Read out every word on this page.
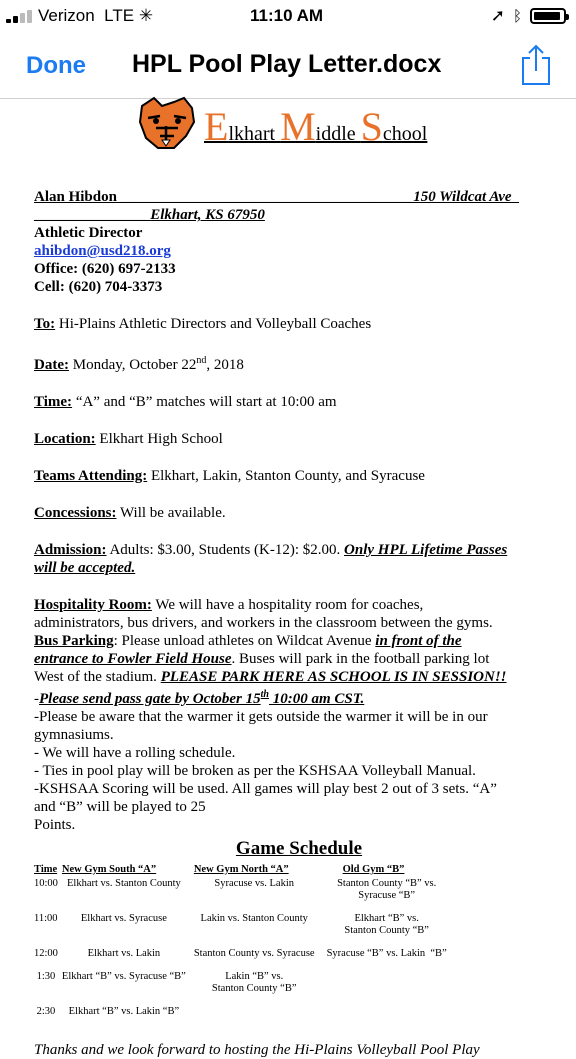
Verizon LTE ✳	11:10 AM	➚ ᛒ
Done HPL Pool Play Letter.docx
Elkhart Middle School
Alan Hibdon _______________________________________150 Wildcat Ave
_______________ Elkhart, KS 67950
Athletic Director
ahibdon@usd218.org
Office: (620) 697-2133
Cell: (620) 704-3373
To: Hi-Plains Athletic Directors and Volleyball Coaches
Date: Monday, October 22nd, 2018
Time: “A” and “B” matches will start at 10:00 am
Location: Elkhart High School
Teams Attending: Elkhart, Lakin, Stanton County, and Syracuse
Concessions: Will be available.
Admission: Adults: $3.00, Students (K-12): $2.00. Only HPL Lifetime Passes
will be accepted.
Hospitality Room: We will have a hospitality room for coaches,
administrators, bus drivers, and workers in the classroom between the gyms.
Bus Parking: Please unload athletes on Wildcat Avenue in front of the
entrance to Fowler Field House. Buses will park in the football parking lot
West of the stadium. PLEASE PARK HERE AS SCHOOL IS IN SESSION!!
-Please send pass gate by October 15th 10:00 am CST.
-Please be aware that the warmer it gets outside the warmer it will be in our
gymnasiums.
- We will have a rolling schedule.
- Ties in pool play will be broken as per the KSHSAA Volleyball Manual.
-KSHSAA Scoring will be used. All games will play best 2 out of 3 sets. “A”
and “B” will be played to 25
Points.
Game Schedule
Time	New Gym South “A”	New Gym North “A”	Old Gym “B”
10:00	Elkhart vs. Stanton County	Syracuse vs. Lakin	Stanton County “B” vs.
Syracuse “B”
11:00	Elkhart vs. Syracuse	Lakin vs. Stanton County	Elkhart “B” vs.
Stanton County “B”
12:00	Elkhart vs. Lakin	Stanton County vs. Syracuse	Syracuse “B” vs. Lakin  “B”
1:30	Elkhart “B” vs. Syracuse “B”	Lakin “B” vs.
Stanton County “B”	
2:30	Elkhart “B” vs. Lakin “B”		
Thanks and we look forward to hosting the Hi-Plains Volleyball Pool Play
